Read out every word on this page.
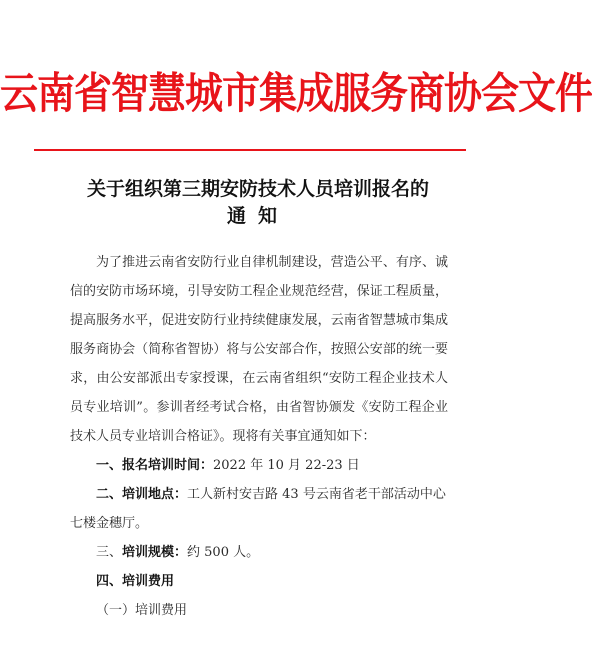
云南省智慧城市集成服务商协会文件
关于组织第三期安防技术人员培训报名的
通知

为了推进云南省安防行业自律机制建设，营造公平、有序、诚信的安防市场环境，引导安防工程企业规范经营，保证工程质量，提高服务水平，促进安防行业持续健康发展，云南省智慧城市集成服务商协会（简称省智协）将与公安部合作，按照公安部的统一要求，由公安部派出专家授课，在云南省组织“安防工程企业技术人员专业培训”。参训者经考试合格，由省智协颁发《安防工程企业技术人员专业培训合格证》。现将有关事宜通知如下：

一、报名培训时间：2022 年 10 月 22-23 日

二、培训地点：工人新村安吉路 43 号云南省老干部活动中心七楼金穗厅。

三、培训规模：约 500 人。

四、培训费用

（一）培训费用
